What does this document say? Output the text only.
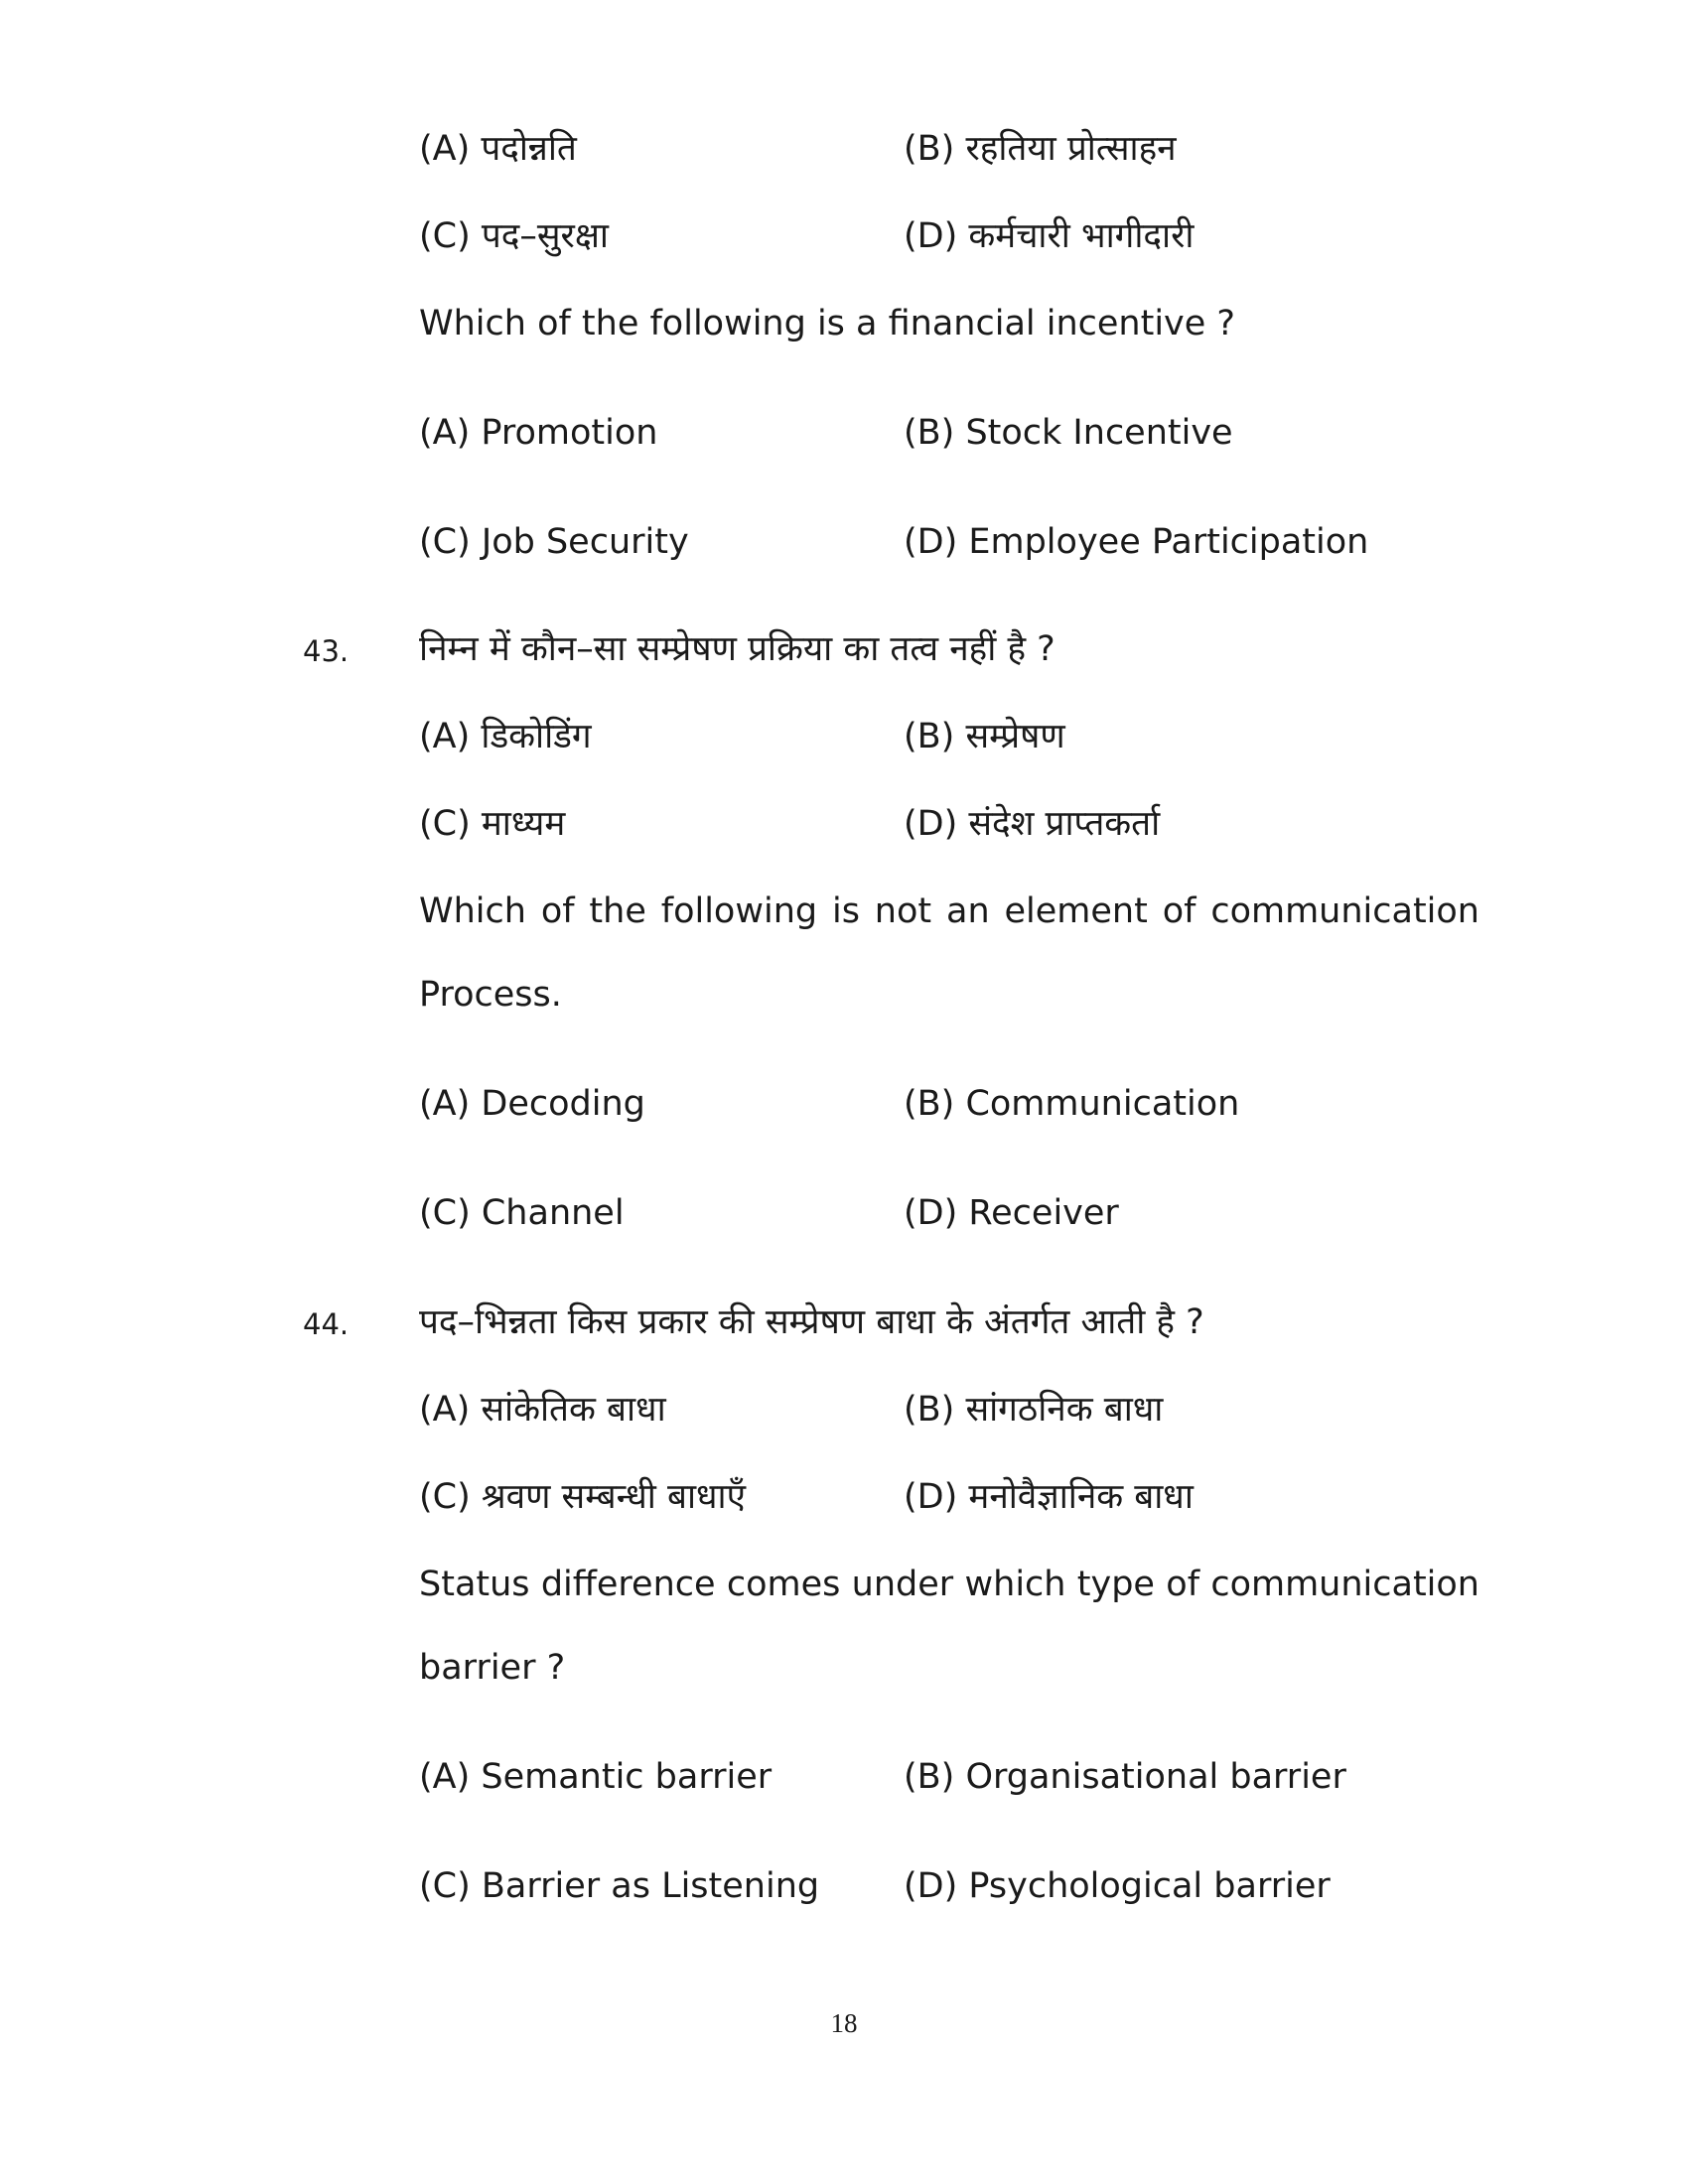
(A) पदोन्नति	(B) रहतिया प्रोत्साहन
(C) पद–सुरक्षा	(D) कर्मचारी भागीदारी
Which of the following is a financial incentive ?
(A) Promotion	(B) Stock Incentive
(C) Job Security	(D) Employee Participation
43. निम्न में कौन–सा सम्प्रेषण प्रक्रिया का तत्व नहीं है ?
(A) डिकोडिंग	(B) सम्प्रेषण
(C) माध्यम	(D) संदेश प्राप्तकर्ता
Which of the following is not an element of communication
Process.
(A) Decoding	(B) Communication
(C) Channel	(D) Receiver
44. पद–भिन्नता किस प्रकार की सम्प्रेषण बाधा के अंतर्गत आती है ?
(A) सांकेतिक बाधा	(B) सांगठनिक बाधा
(C) श्रवण सम्बन्धी बाधाएँ	(D) मनोवैज्ञानिक बाधा
Status difference comes under which type of communication
barrier ?
(A) Semantic barrier	(B) Organisational barrier
(C) Barrier as Listening (D) Psychological barrier
18
